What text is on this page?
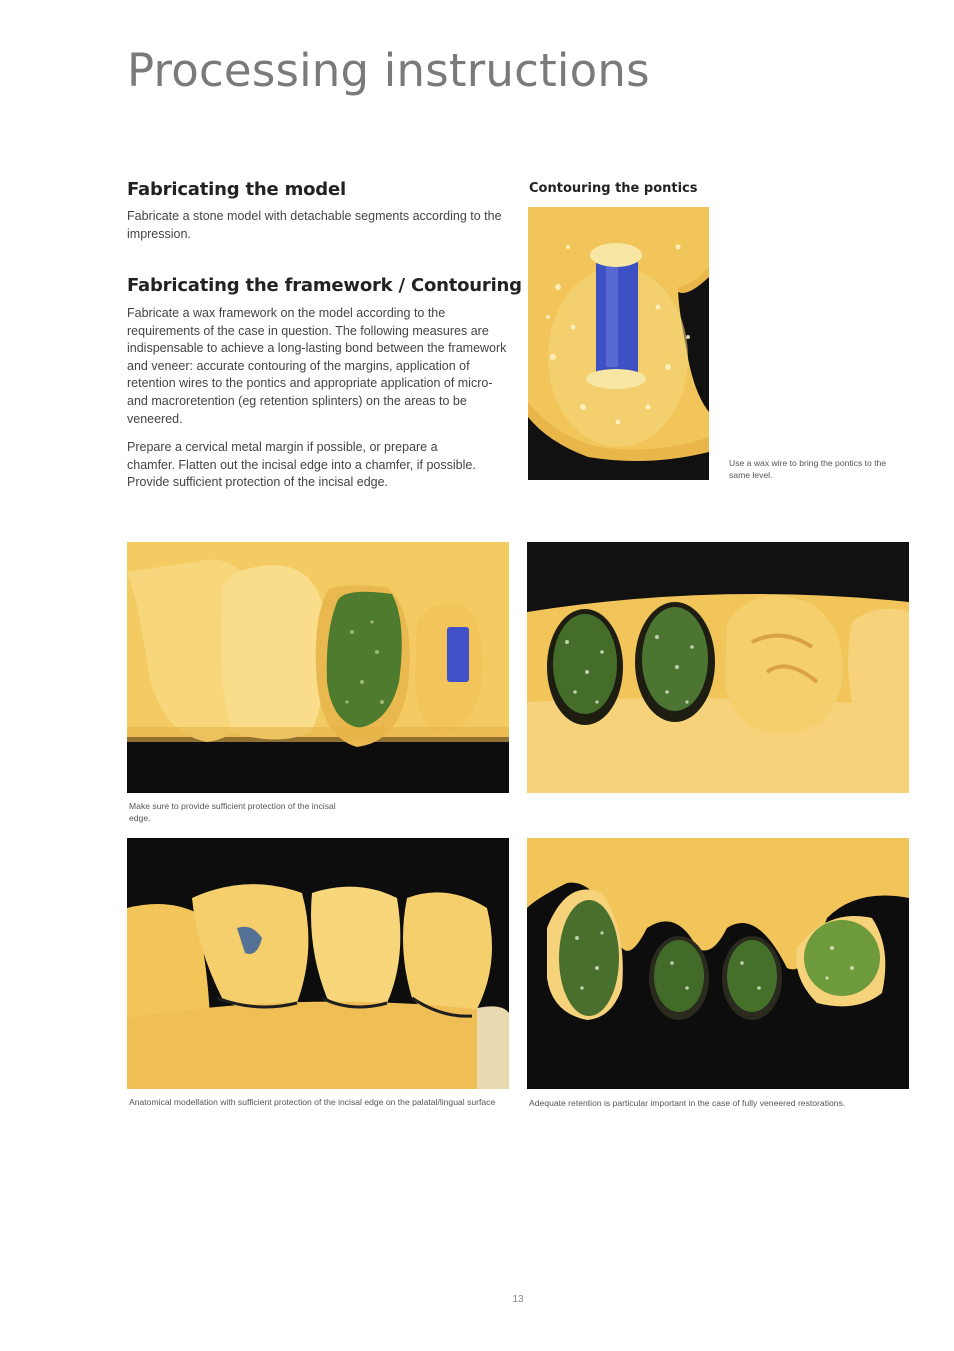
Processing instructions
Fabricating the model

Fabricate a stone model with detachable segments according to the impression.

Fabricating the framework / Contouring

Fabricate a wax framework on the model according to the requirements of the case in question. The following measures are indispensable to achieve a long-lasting bond between the framework and veneer: accurate contouring of the margins, application of retention wires to the pontics and appropriate application of micro- and macroretention (eg retention splinters) on the areas to be veneered.

Prepare a cervical metal margin if possible, or prepare a chamfer. Flatten out the incisal edge into a chamfer, if possible. Provide sufficient protection of the incisal edge.

Contouring the pontics

Use a wax wire to bring the pontics to the same level.

Make sure to provide sufficient protection of the incisal edge.

Anatomical modellation with sufficient protection of the incisal edge on the palatal/lingual surface	Adequate retention is particular important in the case of fully veneered restorations.

13
